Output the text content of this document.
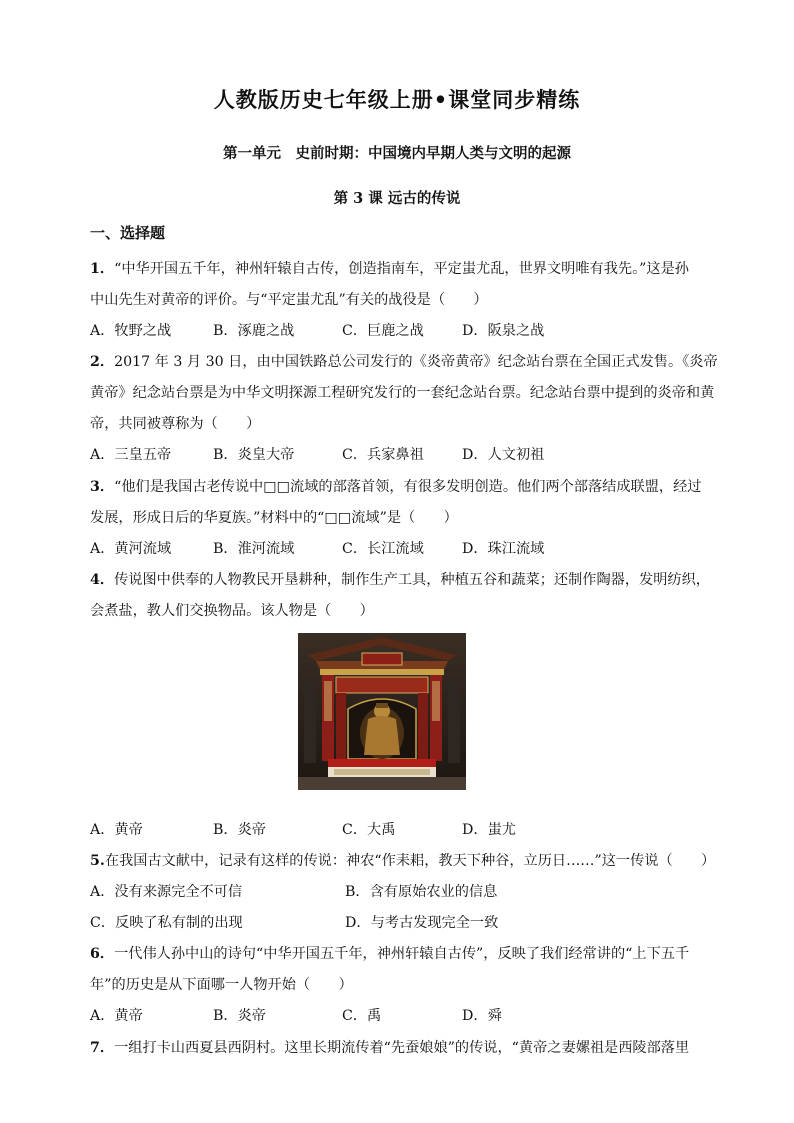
人教版历史七年级上册•课堂同步精练
第一单元　史前时期：中国境内早期人类与文明的起源
第 3 课 远古的传说
一、选择题
1．“中华开国五千年，神州轩辕自古传，创造指南车，平定蚩尤乱，世界文明唯有我先。”这是孙
中山先生对黄帝的评价。与“平定蚩尤乱”有关的战役是（　　）
A．牧野之战	B．涿鹿之战	C．巨鹿之战	D．阪泉之战
2．2017 年 3 月 30 日，由中国铁路总公司发行的《炎帝黄帝》纪念站台票在全国正式发售。《炎帝
黄帝》纪念站台票是为中华文明探源工程研究发行的一套纪念站台票。纪念站台票中提到的炎帝和黄
帝，共同被尊称为（　　）
A．三皇五帝	B．炎皇大帝	C．兵家鼻祖	D．人文初祖
3．“他们是我国古老传说中□□流域的部落首领，有很多发明创造。他们两个部落结成联盟，经过
发展，形成日后的华夏族。”材料中的“□□流域”是（　　）
A．黄河流域	B．淮河流域	C．长江流域	D．珠江流域
4．传说图中供奉的人物教民开垦耕种，制作生产工具，种植五谷和蔬菜；还制作陶器，发明纺织，
会煮盐，教人们交换物品。该人物是（　　）
A．黄帝	B．炎帝	C．大禹	D．蚩尤
5.在我国古文献中，记录有这样的传说：神农“作耒耜，教天下种谷，立历日……”这一传说（　　）
A．没有来源完全不可信	B．含有原始农业的信息
C．反映了私有制的出现	D．与考古发现完全一致
6．一代伟人孙中山的诗句“中华开国五千年，神州轩辕自古传”，反映了我们经常讲的“上下五千
年”的历史是从下面哪一人物开始（　　）
A．黄帝	B．炎帝	C．禹	D．舜
7．一组打卡山西夏县西阴村。这里长期流传着“先蚕娘娘”的传说，“黄帝之妻嫘祖是西陵部落里
